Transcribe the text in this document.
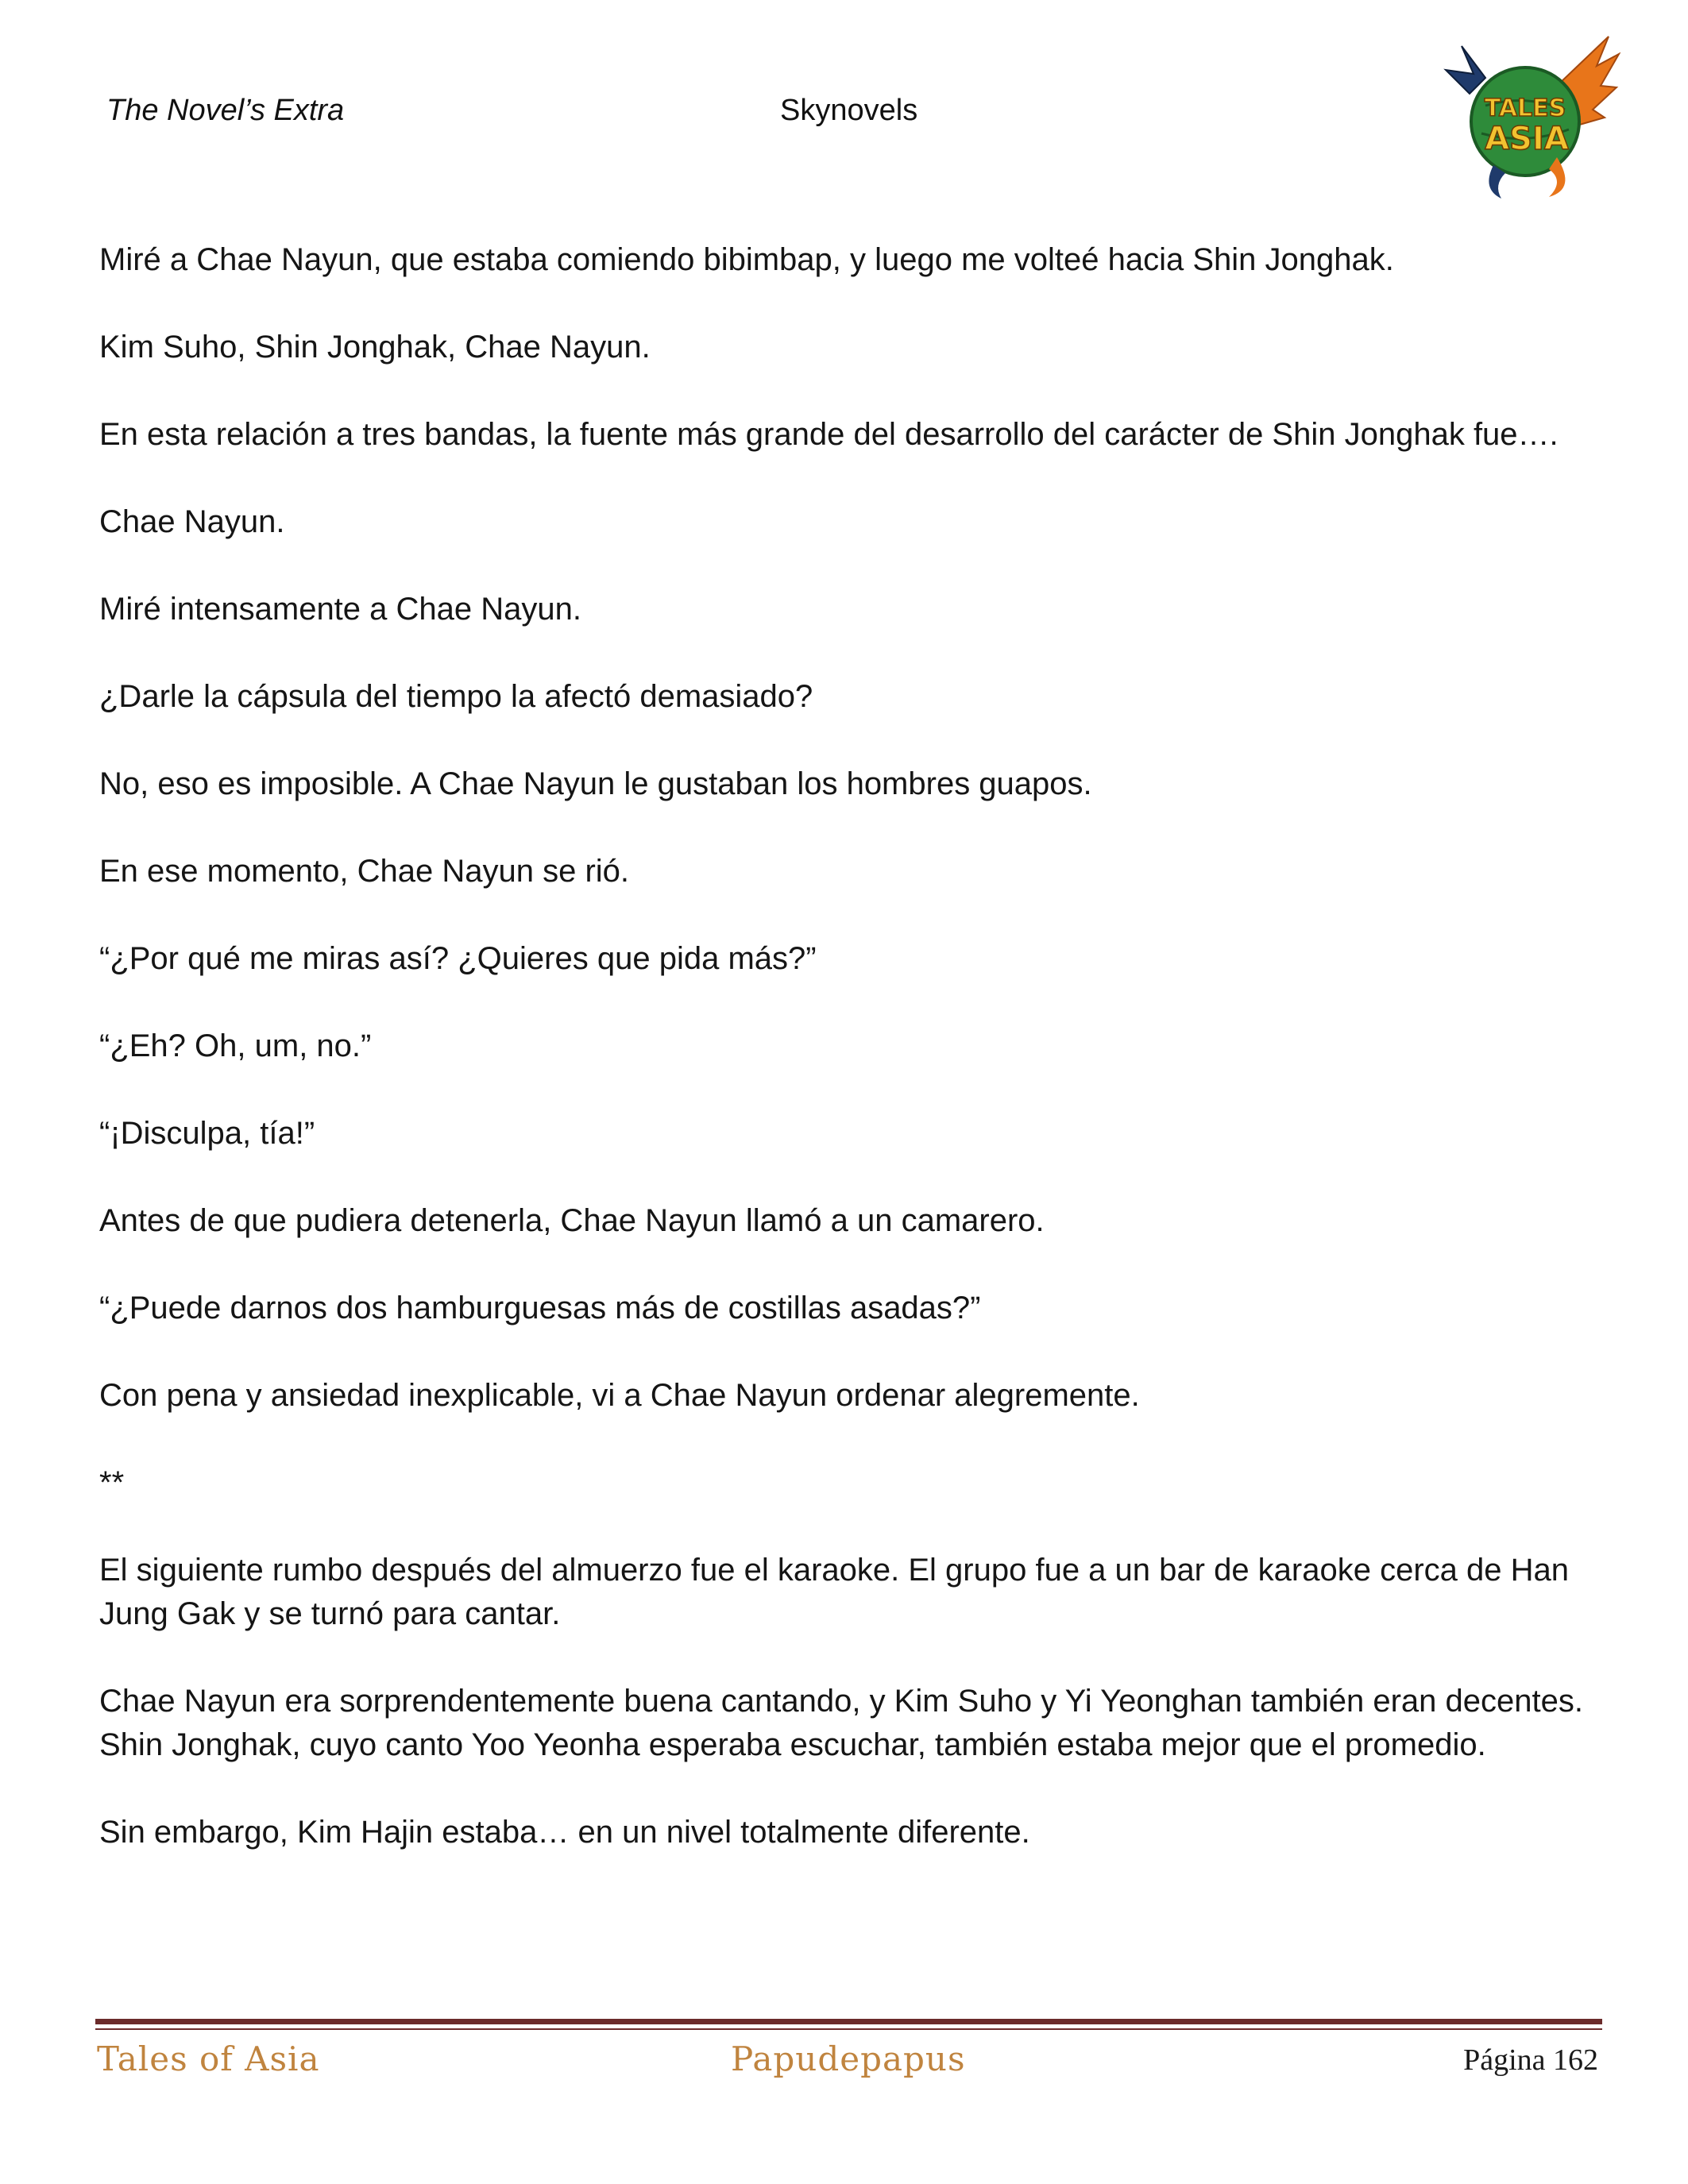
The Novel’s Extra	Skynovels	TALES
ASIA

Miré a Chae Nayun, que estaba comiendo bibimbap, y luego me volteé hacia Shin Jonghak.

Kim Suho, Shin Jonghak, Chae Nayun.

En esta relación a tres bandas, la fuente más grande del desarrollo del carácter de Shin Jonghak fue….

Chae Nayun.

Miré intensamente a Chae Nayun.

¿Darle la cápsula del tiempo la afectó demasiado?

No, eso es imposible. A Chae Nayun le gustaban los hombres guapos.

En ese momento, Chae Nayun se rió.

“¿Por qué me miras así? ¿Quieres que pida más?”

“¿Eh? Oh, um, no.”

“¡Disculpa, tía!”

Antes de que pudiera detenerla, Chae Nayun llamó a un camarero.

“¿Puede darnos dos hamburguesas más de costillas asadas?”

Con pena y ansiedad inexplicable, vi a Chae Nayun ordenar alegremente.

**

El siguiente rumbo después del almuerzo fue el karaoke. El grupo fue a un bar de karaoke cerca de Han Jung Gak y se turnó para cantar.

Chae Nayun era sorprendentemente buena cantando, y Kim Suho y Yi Yeonghan también eran decentes. Shin Jonghak, cuyo canto Yoo Yeonha esperaba escuchar, también estaba mejor que el promedio.

Sin embargo, Kim Hajin estaba… en un nivel totalmente diferente.

Tales of Asia	Papudepapus	Página 162
